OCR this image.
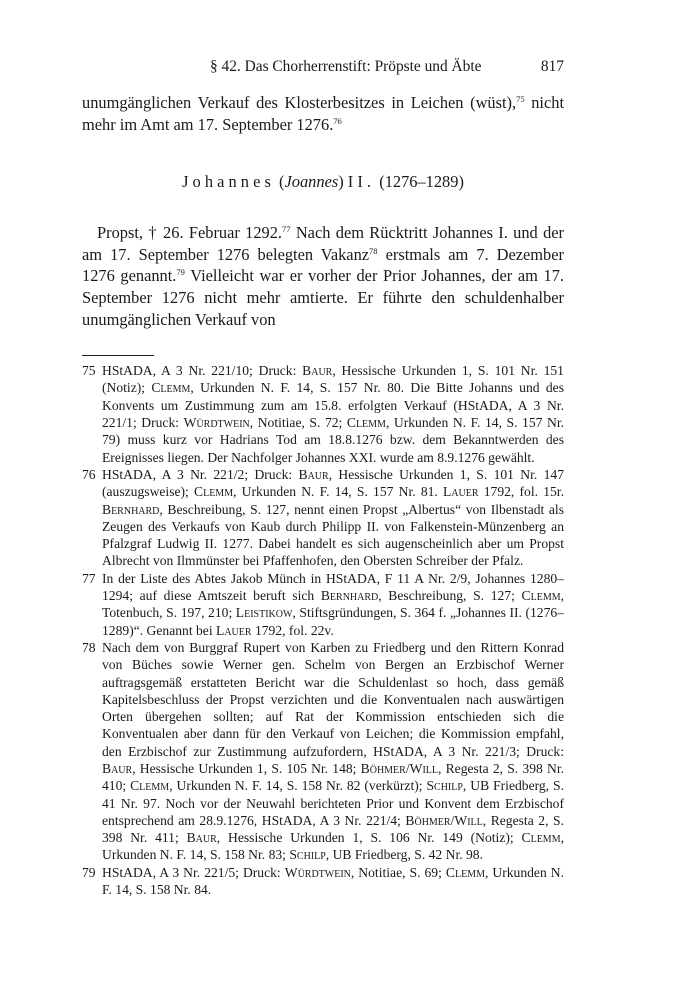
§ 42. Das Chorherrenstift: Pröpste und Äbte	817

unumgänglichen Verkauf des Klosterbesitzes in Leichen (wüst),$^{75}$ nicht mehr im Amt am 17. September 1276.76

Johannes (Joannes) II. (1276–1289)

Propst, † 26. Februar 1292.77 Nach dem Rücktritt Johannes I. und der am 17. September 1276 belegten Vakanz$^{78}$ erstmals am 7. Dezember 1276 genannt.$^{79}$ Vielleicht war er vorher der Prior Johannes, der am 17. September 1276 nicht mehr amtierte. Er führte den schuldenhalber unumgänglichen Verkauf von

75 HStADA, A 3 Nr. 221/10; Druck: Baur, Hessische Urkunden 1, S. 101 Nr. 151 (Notiz); Clemm, Urkunden N. F. 14, S. 157 Nr. 80. Die Bitte Johanns und des Konvents um Zustimmung zum am 15.8. erfolgten Verkauf (HStADA, A 3 Nr. 221/1; Druck: Würdtwein, Notitiae, S. 72; Clemm, Urkunden N. F. 14, S. 157 Nr. 79) muss kurz vor Hadrians Tod am 18.8.1276 bzw. dem Bekanntwerden des Ereignisses liegen. Der Nachfolger Johannes XXI. wurde am 8.9.1276 gewählt.
76 HStADA, A 3 Nr. 221/2; Druck: Baur, Hessische Urkunden 1, S. 101 Nr. 147 (auszugsweise); Clemm, Urkunden N. F. 14, S. 157 Nr. 81. Lauer 1792, fol. 15r. Bernhard, Beschreibung, S. 127, nennt einen Propst „Albertus“ von Ilbenstadt als Zeugen des Verkaufs von Kaub durch Philipp II. von Falkenstein-Münzenberg an Pfalzgraf Ludwig II. 1277. Dabei handelt es sich augenscheinlich aber um Propst Albrecht von Ilmmünster bei Pfaffenhofen, den Obersten Schreiber der Pfalz.
77 In der Liste des Abtes Jakob Münch in HStADA, F 11 A Nr. 2/9, Johannes 1280–1294; auf diese Amtszeit beruft sich Bernhard, Beschreibung, S. 127; Clemm, Totenbuch, S. 197, 210; Leistikow, Stiftsgründungen, S. 364 f. „Johannes II. (1276–1289)“. Genannt bei Lauer 1792, fol. 22v.
78 Nach dem von Burggraf Rupert von Karben zu Friedberg und den Rittern Konrad von Büches sowie Werner gen. Schelm von Bergen an Erzbischof Werner auftragsgemäß erstatteten Bericht war die Schuldenlast so hoch, dass gemäß Kapitelsbeschluss der Propst verzichten und die Konventualen nach auswärtigen Orten übergehen sollten; auf Rat der Kommission entschieden sich die Konventualen aber dann für den Verkauf von Leichen; die Kommission empfahl, den Erzbischof zur Zustimmung aufzufordern, HStADA, A 3 Nr. 221/3; Druck: Baur, Hessische Urkunden 1, S. 105 Nr. 148; Böhmer/Will, Regesta 2, S. 398 Nr. 410; Clemm, Urkunden N. F. 14, S. 158 Nr. 82 (verkürzt); Schilp, UB Friedberg, S. 41 Nr. 97. Noch vor der Neuwahl berichteten Prior und Konvent dem Erzbischof entsprechend am 28.9.1276, HStADA, A 3 Nr. 221/4; Böhmer/Will, Regesta 2, S. 398 Nr. 411; Baur, Hessische Urkunden 1, S. 106 Nr. 149 (Notiz); Clemm, Urkunden N. F. 14, S. 158 Nr. 83; Schilp, UB Friedberg, S. 42 Nr. 98.
79 HStADA, A 3 Nr. 221/5; Druck: Würdtwein, Notitiae, S. 69; Clemm, Urkunden N. F. 14, S. 158 Nr. 84.
